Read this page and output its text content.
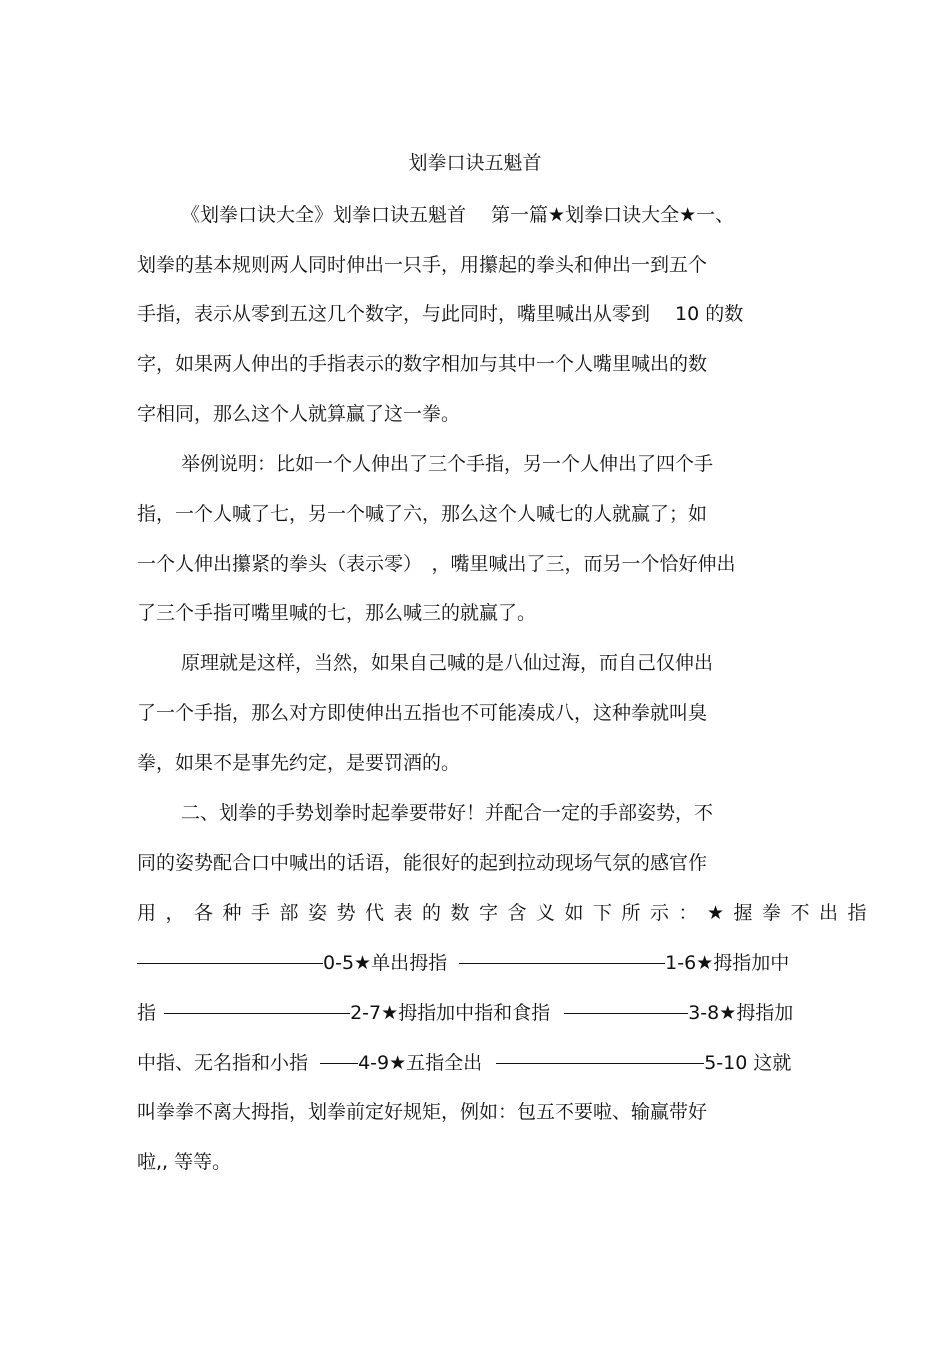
划拳口诀五魁首
《划拳口诀大全》划拳口诀五魁首　 第一篇★划拳口诀大全★一、
划拳的基本规则两人同时伸出一只手，用攥起的拳头和伸出一到五个
手指，表示从零到五这几个数字，与此同时，嘴里喊出从零到　 10 的数
字，如果两人伸出的手指表示的数字相加与其中一个人嘴里喊出的数
字相同，那么这个人就算赢了这一拳。
举例说明：比如一个人伸出了三个手指，另一个人伸出了四个手
指，一个人喊了七，另一个喊了六，那么这个人喊七的人就赢了；如
一个人伸出攥紧的拳头（表示零）　，嘴里喊出了三，而另一个恰好伸出
了三个手指可嘴里喊的七，那么喊三的就赢了。
原理就是这样，当然，如果自己喊的是八仙过海，而自己仅伸出
了一个手指，那么对方即使伸出五指也不可能凑成八，这种拳就叫臭
拳，如果不是事先约定，是要罚酒的。
二、划拳的手势划拳时起拳要带好！并配合一定的手部姿势，不
同的姿势配合口中喊出的话语，能很好的起到拉动现场气氛的感官作
用，各种手部姿势代表的数字含义如下所示：★握拳不出指
0-5★单出拇指	1-6★拇指加中
指	2-7★拇指加中指和食指	3-8★拇指加
中指、无名指和小指	4-9★五指全出	5-10 这就
叫拳拳不离大拇指，划拳前定好规矩，例如：包五不要啦、输赢带好
啦,, 等等。
